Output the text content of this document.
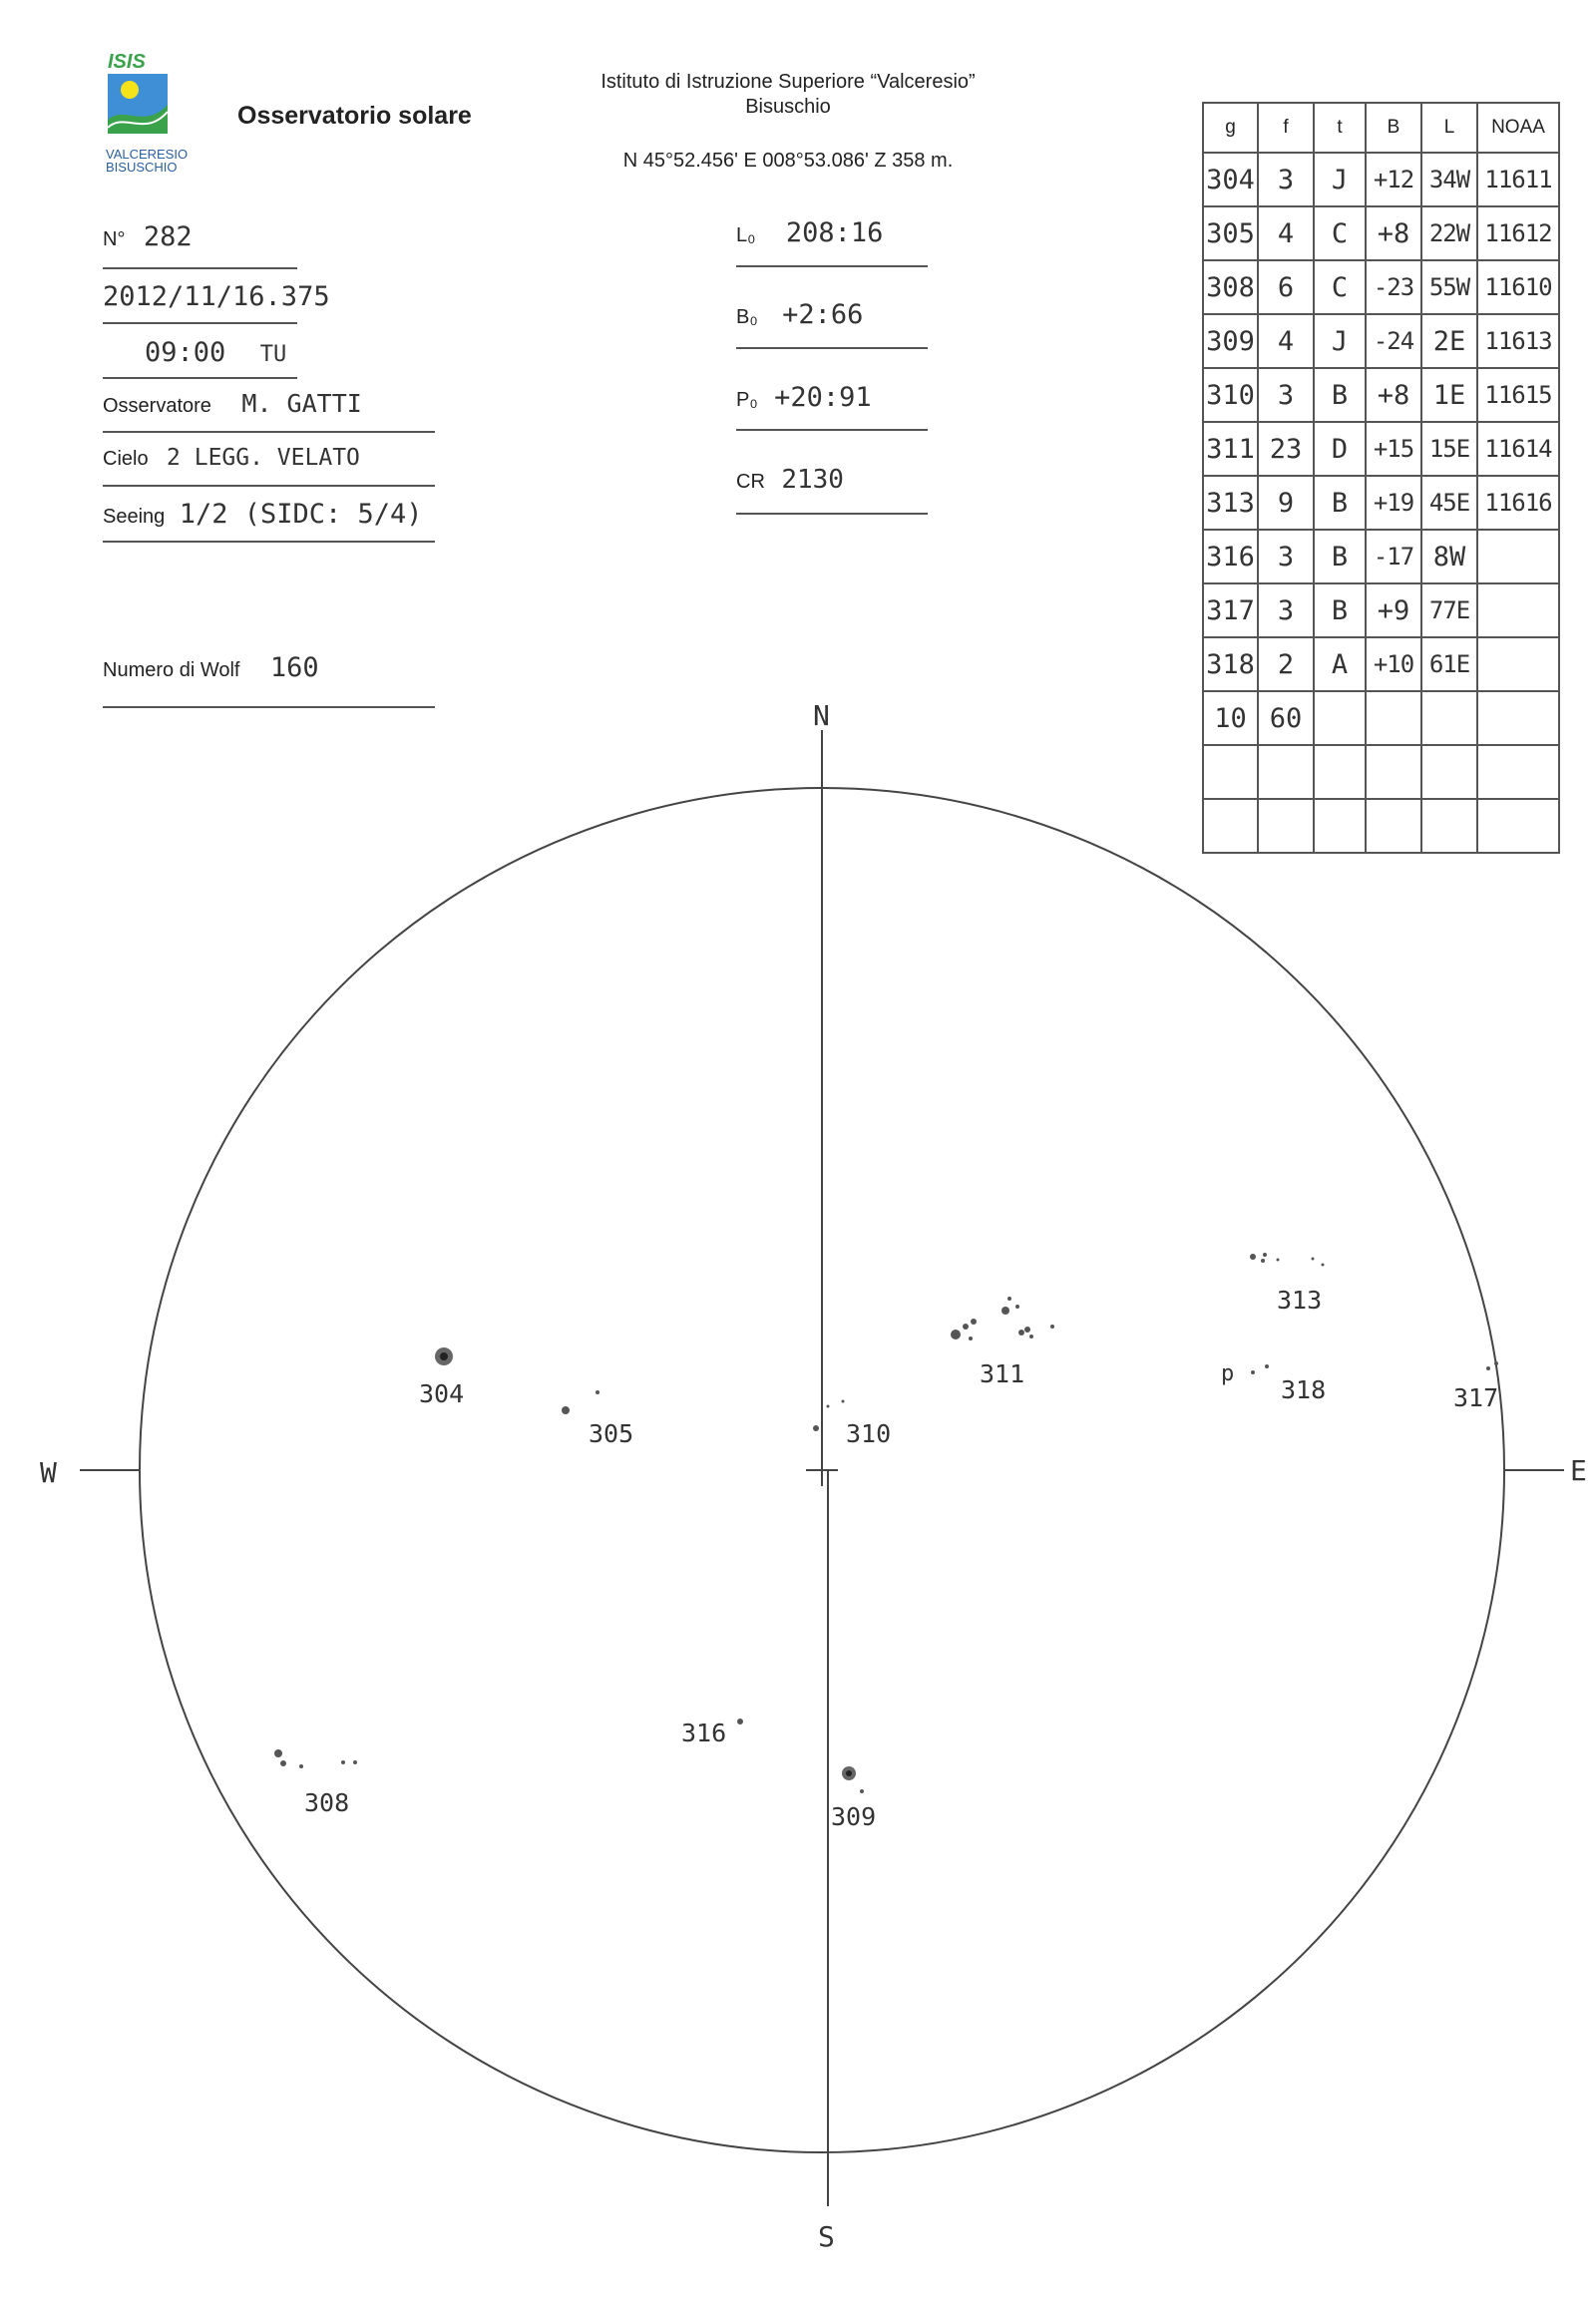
ISIS
VALCERESIO
BISUSCHIO
Osservatorio solare
Istituto di Istruzione Superiore “Valceresio”
Bisuschio
N 45°52.456' E 008°53.086' Z 358 m.
N° 282
2012/11/16.375
09:00 TU
Osservatore M. GATTI
Cielo 2 LEGG. VELATO
Seeing 1/2 (SIDC: 5/4)
Numero di Wolf 160
L₀ 208:16
B₀ +2:66
P₀ +20:91
CR 2130
g	f	t	B	L	NOAA
304	3	J	+12	34W	11611
305	4	C	+8	22W	11612
308	6	C	-23	55W	11610
309	4	J	-24	2E	11613
310	3	B	+8	1E	11615
311	23	D	+15	15E	11614
313	9	B	+19	45E	11616
316	3	B	-17	8W	
317	3	B	+9	77E	
318	2	A	+10	61E	
10	60				

N
S
W	E
304
305
308	309
310
311
313
316
317
318
p
